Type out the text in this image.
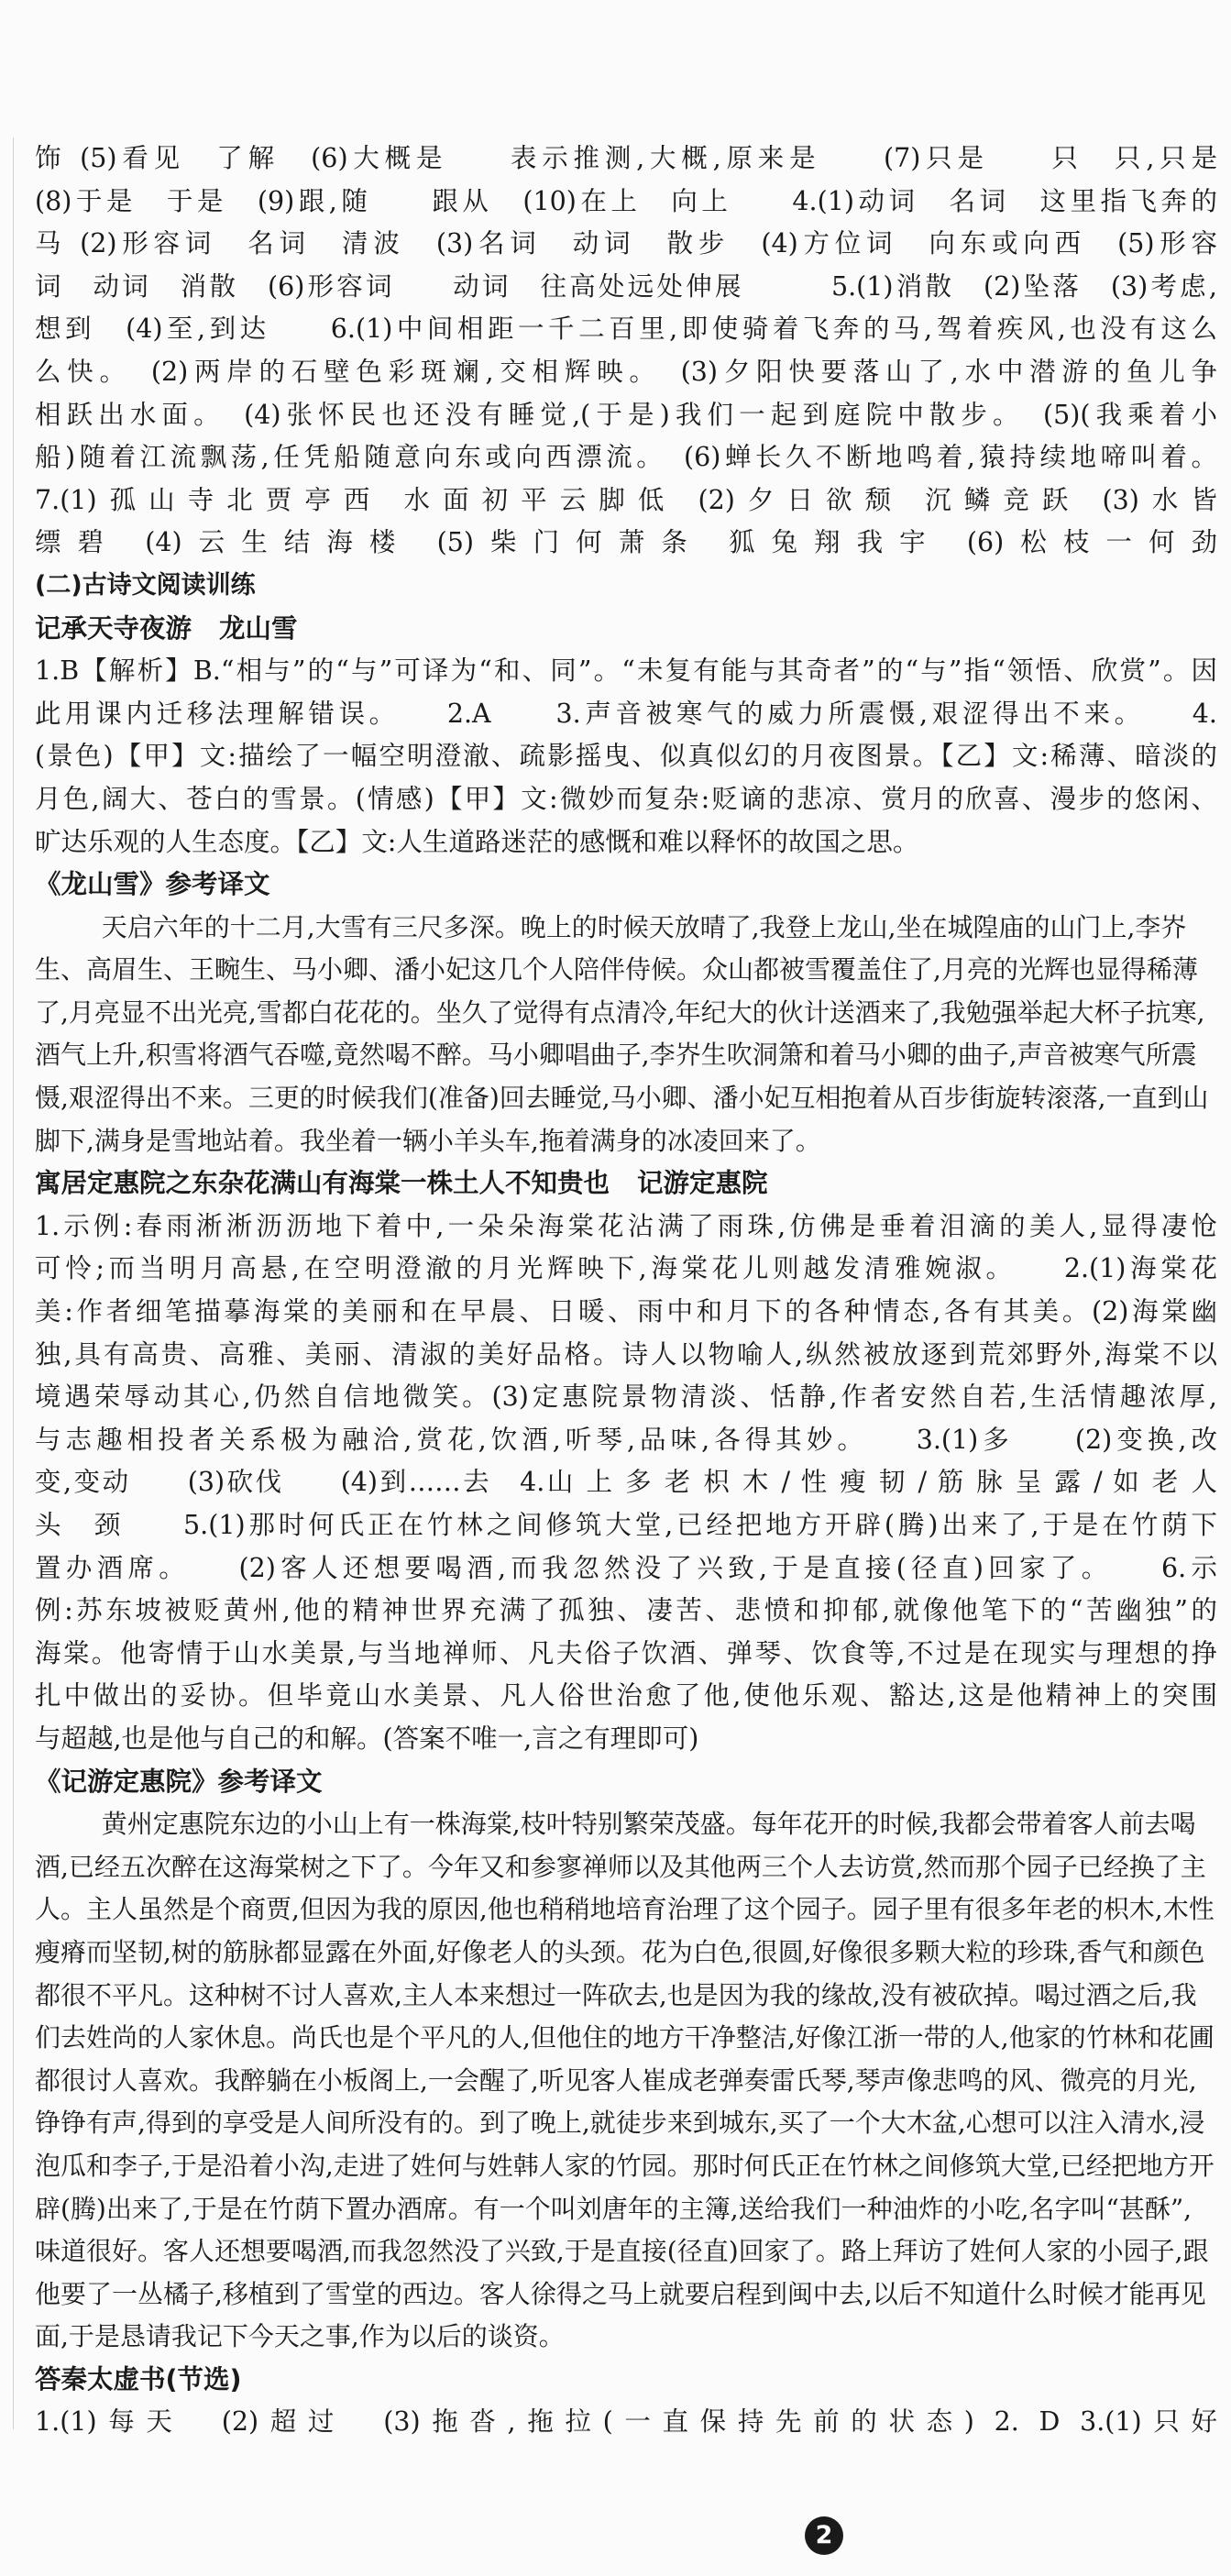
饰 (5)看见　了解　(6)大概是　　表示推测,大概,原来是　　(7)只是　　只　只,只是

(8)于是　于是　(9)跟,随　　跟从　(10)在上　向上　　4.(1)动词　名词　这里指飞奔的

马 (2)形容词　名词　清波　(3)名词　动词　散步　(4)方位词　向东或向西　(5)形容

词　动词　消散　(6)形容词　　动词　往高处远处伸展　　　5.(1)消散　(2)坠落　(3)考虑,

想到　(4)至,到达　　6.(1)中间相距一千二百里,即使骑着飞奔的马,驾着疾风,也没有这么

么快。　(2)两岸的石壁色彩斑斓,交相辉映。　(3)夕阳快要落山了,水中潜游的鱼儿争

相跃出水面。　(4)张怀民也还没有睡觉,(于是)我们一起到庭院中散步。　(5)(我乘着小

船)随着江流飘荡,任凭船随意向东或向西漂流。　(6)蝉长久不断地鸣着,猿持续地啼叫着。

7.(1)孤山寺北贾亭西 水面初平云脚低 (2)夕日欲颓 沉鳞竞跃 (3)水皆

缥碧 (4)云生结海楼 (5)柴门何萧条 狐兔翔我宇 (6)松枝一何劲

(二)古诗文阅读训练

记承天寺夜游 龙山雪

1.B【解析】B.“相与”的“与”可译为“和、同”。“未复有能与其奇者”的“与”指“领悟、欣赏”。因

此用课内迁移法理解错误。　　2.A　　3.声音被寒气的威力所震慑,艰涩得出不来。　　4.

(景色)【甲】文:描绘了一幅空明澄澈、疏影摇曳、似真似幻的月夜图景。【乙】文:稀薄、暗淡的

月色,阔大、苍白的雪景。(情感)【甲】文:微妙而复杂:贬谪的悲凉、赏月的欣喜、漫步的悠闲、

旷达乐观的人生态度。【乙】文:人生道路迷茫的感慨和难以释怀的故国之思。

《龙山雪》参考译文

天启六年的十二月,大雪有三尺多深。晚上的时候天放晴了,我登上龙山,坐在城隍庙的山门上,李岕生、高眉生、王畹生、马小卿、潘小妃这几个人陪伴侍候。众山都被雪覆盖住了,月亮的光辉也显得稀薄了,月亮显不出光亮,雪都白花花的。坐久了觉得有点清冷,年纪大的伙计送酒来了,我勉强举起大杯子抗寒,酒气上升,积雪将酒气吞噬,竟然喝不醉。马小卿唱曲子,李岕生吹洞箫和着马小卿的曲子,声音被寒气所震慑,艰涩得出不来。三更的时候我们(准备)回去睡觉,马小卿、潘小妃互相抱着从百步街旋转滚落,一直到山脚下,满身是雪地站着。我坐着一辆小羊头车,拖着满身的冰凌回来了。

寓居定惠院之东杂花满山有海棠一株土人不知贵也 记游定惠院

1.示例:春雨淅淅沥沥地下着中,一朵朵海棠花沾满了雨珠,仿佛是垂着泪滴的美人,显得凄怆

可怜;而当明月高悬,在空明澄澈的月光辉映下,海棠花儿则越发清雅婉淑。　　2.(1)海棠花

美:作者细笔描摹海棠的美丽和在早晨、日暖、雨中和月下的各种情态,各有其美。(2)海棠幽

独,具有高贵、高雅、美丽、清淑的美好品格。诗人以物喻人,纵然被放逐到荒郊野外,海棠不以

境遇荣辱动其心,仍然自信地微笑。(3)定惠院景物清淡、恬静,作者安然自若,生活情趣浓厚,

与志趣相投者关系极为融洽,赏花,饮酒,听琴,品味,各得其妙。　　3.(1)多　　(2)变换,改

变,变动　　(3)砍伐　　(4)到……去　4.山 上 多 老 枳 木 / 性 瘦 韧 / 筋 脉 呈 露 / 如 老 人

头　颈　　5.(1)那时何氏正在竹林之间修筑大堂,已经把地方开辟(腾)出来了,于是在竹荫下

置办酒席。　　(2)客人还想要喝酒,而我忽然没了兴致,于是直接(径直)回家了。　　6.示

例:苏东坡被贬黄州,他的精神世界充满了孤独、凄苦、悲愤和抑郁,就像他笔下的“苦幽独”的

海棠。他寄情于山水美景,与当地禅师、凡夫俗子饮酒、弹琴、饮食等,不过是在现实与理想的挣

扎中做出的妥协。但毕竟山水美景、凡人俗世治愈了他,使他乐观、豁达,这是他精神上的突围

与超越,也是他与自己的和解。(答案不唯一,言之有理即可)

《记游定惠院》参考译文

黄州定惠院东边的小山上有一株海棠,枝叶特别繁荣茂盛。每年花开的时候,我都会带着客人前去喝酒,已经五次醉在这海棠树之下了。今年又和参寥禅师以及其他两三个人去访赏,然而那个园子已经换了主人。主人虽然是个商贾,但因为我的原因,他也稍稍地培育治理了这个园子。园子里有很多年老的枳木,木性瘦瘠而坚韧,树的筋脉都显露在外面,好像老人的头颈。花为白色,很圆,好像很多颗大粒的珍珠,香气和颜色都很不平凡。这种树不讨人喜欢,主人本来想过一阵砍去,也是因为我的缘故,没有被砍掉。喝过酒之后,我们去姓尚的人家休息。尚氏也是个平凡的人,但他住的地方干净整洁,好像江浙一带的人,他家的竹林和花圃都很讨人喜欢。我醉躺在小板阁上,一会醒了,听见客人崔成老弹奏雷氏琴,琴声像悲鸣的风、微亮的月光,铮铮有声,得到的享受是人间所没有的。到了晚上,就徒步来到城东,买了一个大木盆,心想可以注入清水,浸泡瓜和李子,于是沿着小沟,走进了姓何与姓韩人家的竹园。那时何氏正在竹林之间修筑大堂,已经把地方开辟(腾)出来了,于是在竹荫下置办酒席。有一个叫刘唐年的主簿,送给我们一种油炸的小吃,名字叫“甚酥”,味道很好。客人还想要喝酒,而我忽然没了兴致,于是直接(径直)回家了。路上拜访了姓何人家的小园子,跟他要了一丛橘子,移植到了雪堂的西边。客人徐得之马上就要启程到闽中去,以后不知道什么时候才能再见面,于是恳请我记下今天之事,作为以后的谈资。

答秦太虚书(节选)

1.(1)每天　(2)超过　(3)拖沓,拖拉(一直保持先前的状态) 2. D 3.(1)只好

2
